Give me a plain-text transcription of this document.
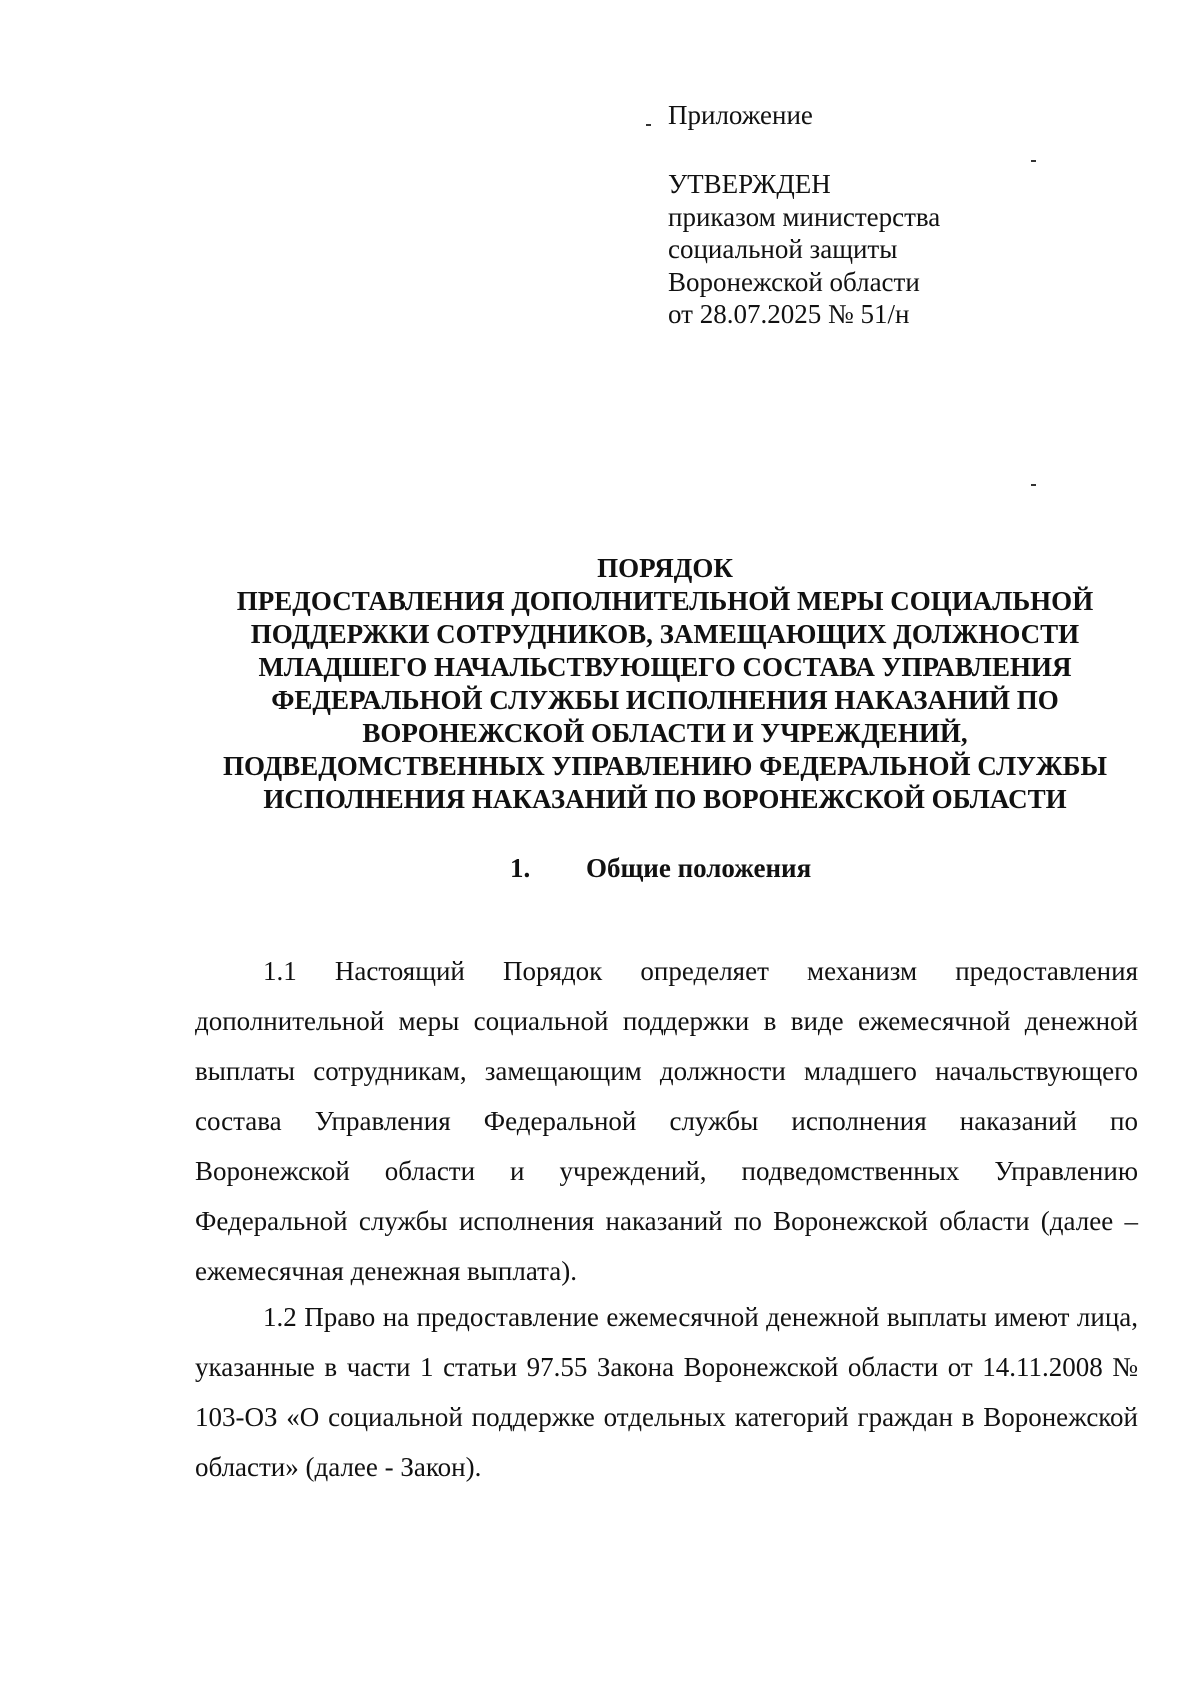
Приложение
УТВЕРЖДЕН
приказом министерства
социальной защиты
Воронежской области
от 28.07.2025 № 51/н
ПОРЯДОК
ПРЕДОСТАВЛЕНИЯ ДОПОЛНИТЕЛЬНОЙ МЕРЫ СОЦИАЛЬНОЙ
ПОДДЕРЖКИ СОТРУДНИКОВ, ЗАМЕЩАЮЩИХ ДОЛЖНОСТИ
МЛАДШЕГО НАЧАЛЬСТВУЮЩЕГО СОСТАВА УПРАВЛЕНИЯ
ФЕДЕРАЛЬНОЙ СЛУЖБЫ ИСПОЛНЕНИЯ НАКАЗАНИЙ ПО
ВОРОНЕЖСКОЙ ОБЛАСТИ И УЧРЕЖДЕНИЙ,
ПОДВЕДОМСТВЕННЫХ УПРАВЛЕНИЮ ФЕДЕРАЛЬНОЙ СЛУЖБЫ
ИСПОЛНЕНИЯ НАКАЗАНИЙ ПО ВОРОНЕЖСКОЙ ОБЛАСТИ
1. Общие положения

1.1 Настоящий Порядок определяет механизм предоставления дополнительной меры социальной поддержки в виде ежемесячной денежной выплаты сотрудникам, замещающим должности младшего начальствующего состава Управления Федеральной службы исполнения наказаний по Воронежской области и учреждений, подведомственных Управлению Федеральной службы исполнения наказаний по Воронежской области (далее – ежемесячная денежная выплата).

1.2 Право на предоставление ежемесячной денежной выплаты имеют лица, указанные в части 1 статьи 97.55 Закона Воронежской области от 14.11.2008 № 103-ОЗ «О социальной поддержке отдельных категорий граждан в Воронежской области» (далее - Закон).
